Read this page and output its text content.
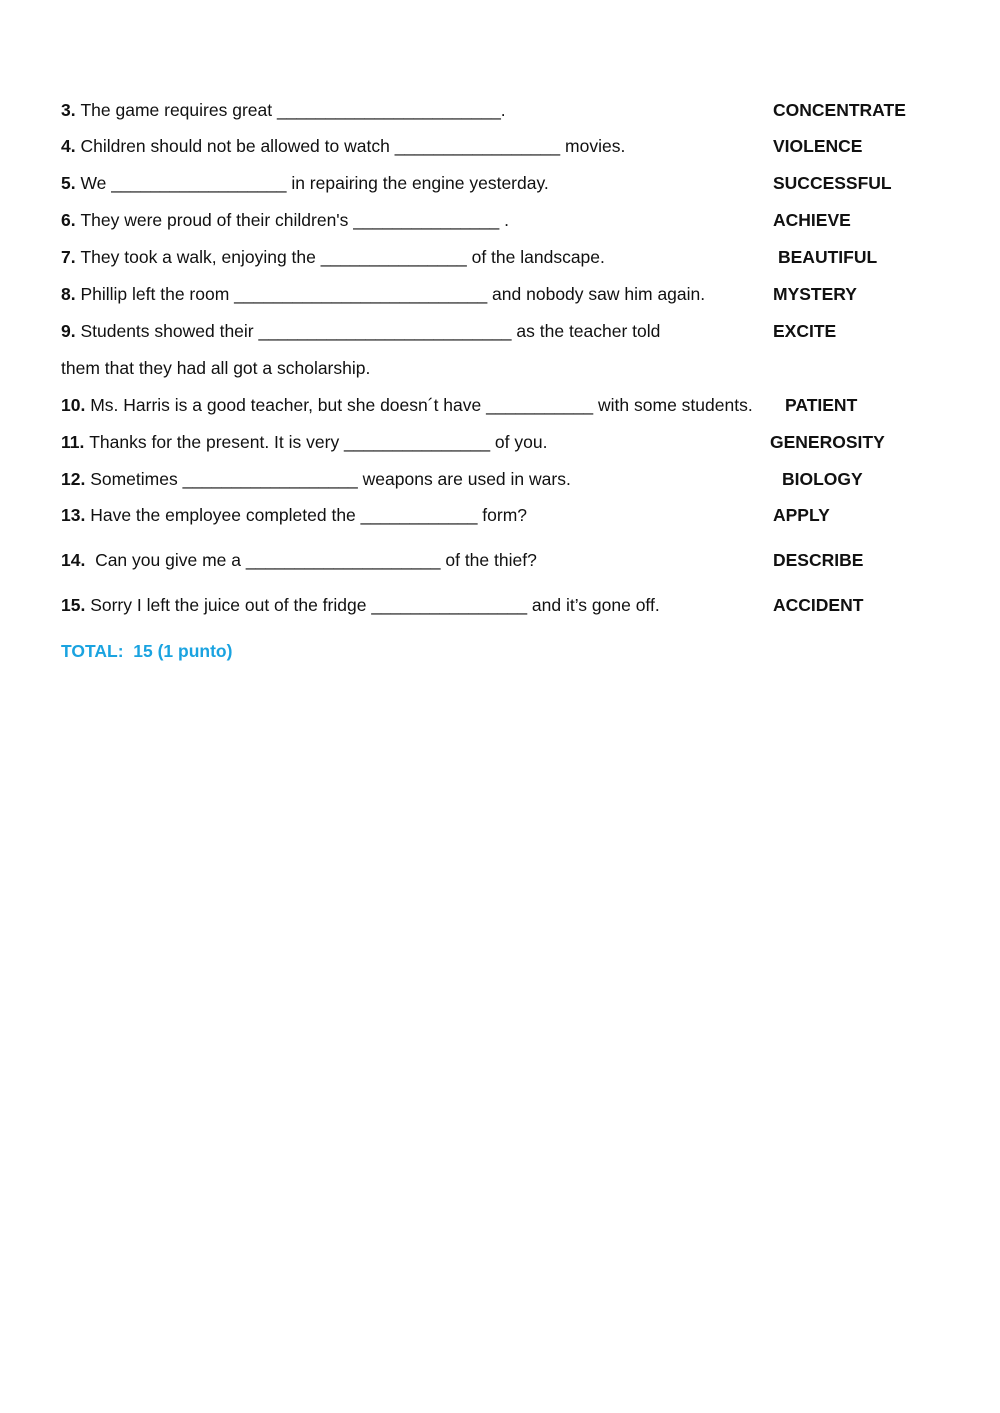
3. The game requires great _______________________.	CONCENTRATE
4. Children should not be allowed to watch _________________ movies.	VIOLENCE
5. We __________________ in repairing the engine yesterday.	SUCCESSFUL
6. They were proud of their children's _______________ .	ACHIEVE
7. They took a walk, enjoying the _______________ of the landscape.	BEAUTIFUL
8. Phillip left the room __________________________ and nobody saw him again.	MYSTERY
9. Students showed their __________________________ as the teacher told	EXCITE
them that they had all got a scholarship.
10. Ms. Harris is a good teacher, but she doesn´t have ___________ with some students. PATIENT
11. Thanks for the present. It is very _______________ of you.	GENEROSITY
12. Sometimes __________________ weapons are used in wars.	BIOLOGY
13. Have the employee completed the ____________ form?	APPLY
14.  Can you give me a ____________________ of the thief?	DESCRIBE
15. Sorry I left the juice out of the fridge ________________ and it’s gone off.	ACCIDENT
TOTAL:  15 (1 punto)
